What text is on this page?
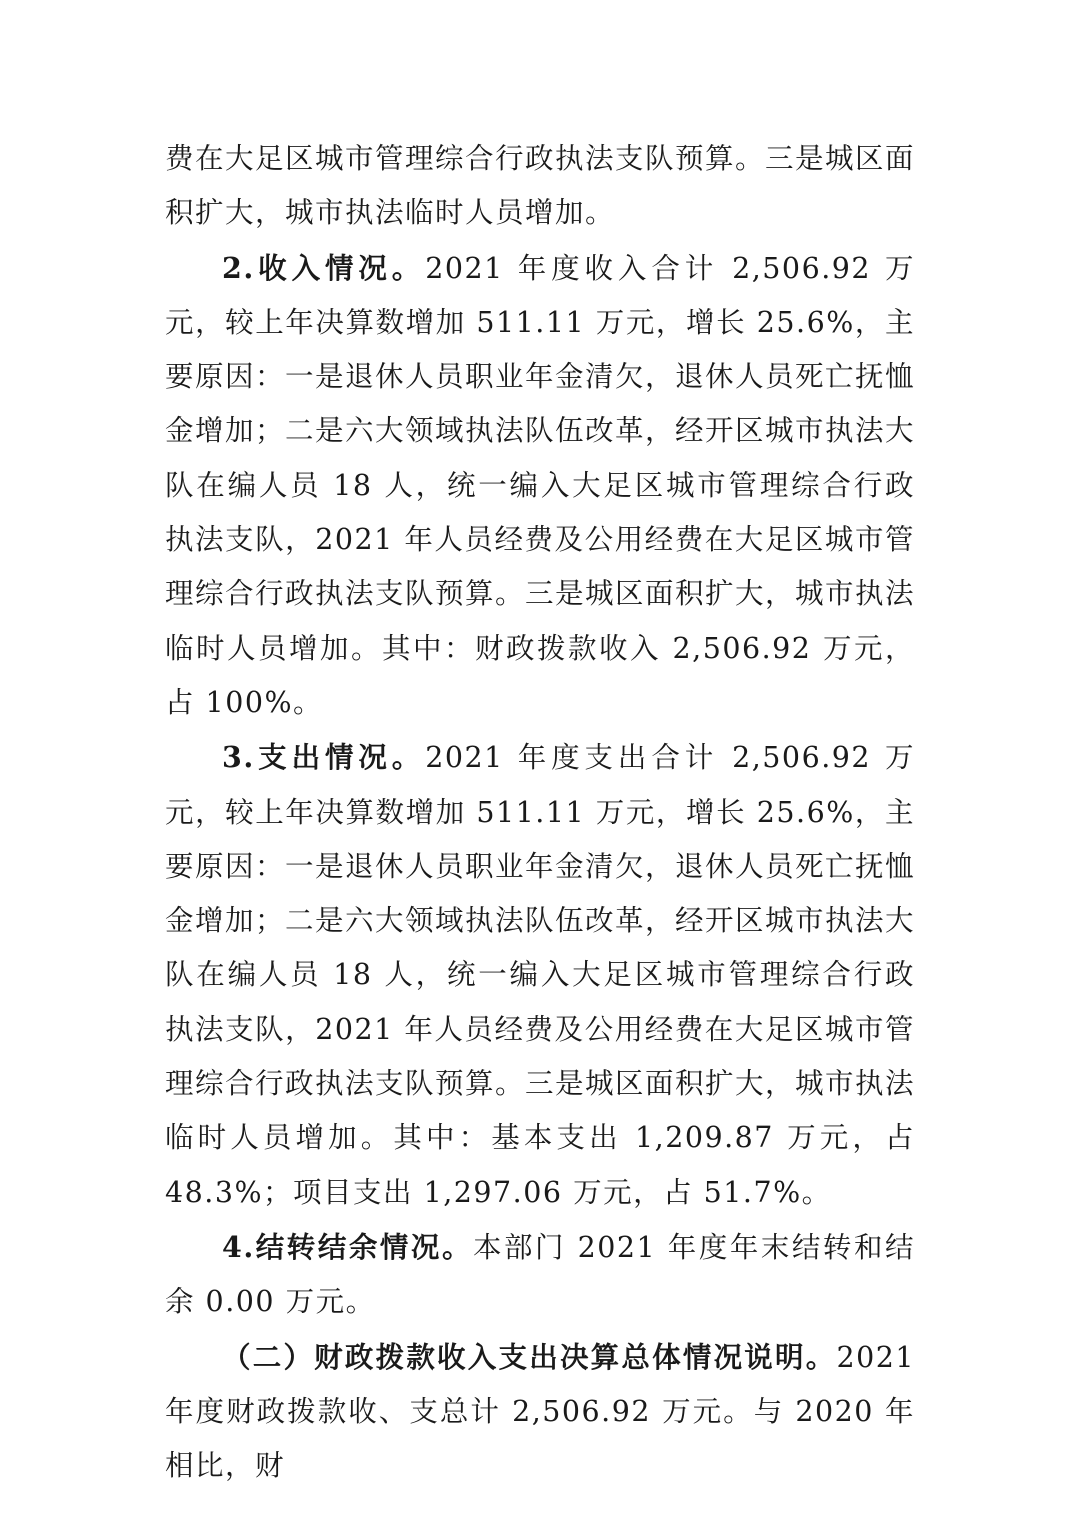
费在大足区城市管理综合行政执法支队预算。三是城区面积扩大，城市执法临时人员增加。

2.收入情况。2021 年度收入合计 2,506.92 万元，较上年决算数增加 511.11 万元，增长 25.6%，主要原因：一是退休人员职业年金清欠，退休人员死亡抚恤金增加；二是六大领域执法队伍改革，经开区城市执法大队在编人员 18 人，统一编入大足区城市管理综合行政执法支队，2021 年人员经费及公用经费在大足区城市管理综合行政执法支队预算。三是城区面积扩大，城市执法临时人员增加。其中：财政拨款收入 2,506.92 万元，占 100%。

3.支出情况。2021 年度支出合计 2,506.92 万元，较上年决算数增加 511.11 万元，增长 25.6%，主要原因：一是退休人员职业年金清欠，退休人员死亡抚恤金增加；二是六大领域执法队伍改革，经开区城市执法大队在编人员 18 人，统一编入大足区城市管理综合行政执法支队，2021 年人员经费及公用经费在大足区城市管理综合行政执法支队预算。三是城区面积扩大，城市执法临时人员增加。其中：基本支出 1,209.87 万元，占 48.3%；项目支出 1,297.06 万元，占 51.7%。

4.结转结余情况。本部门 2021 年度年末结转和结余 0.00 万元。

（二）财政拨款收入支出决算总体情况说明。2021 年度财政拨款收、支总计 2,506.92 万元。与 2020 年相比，财
